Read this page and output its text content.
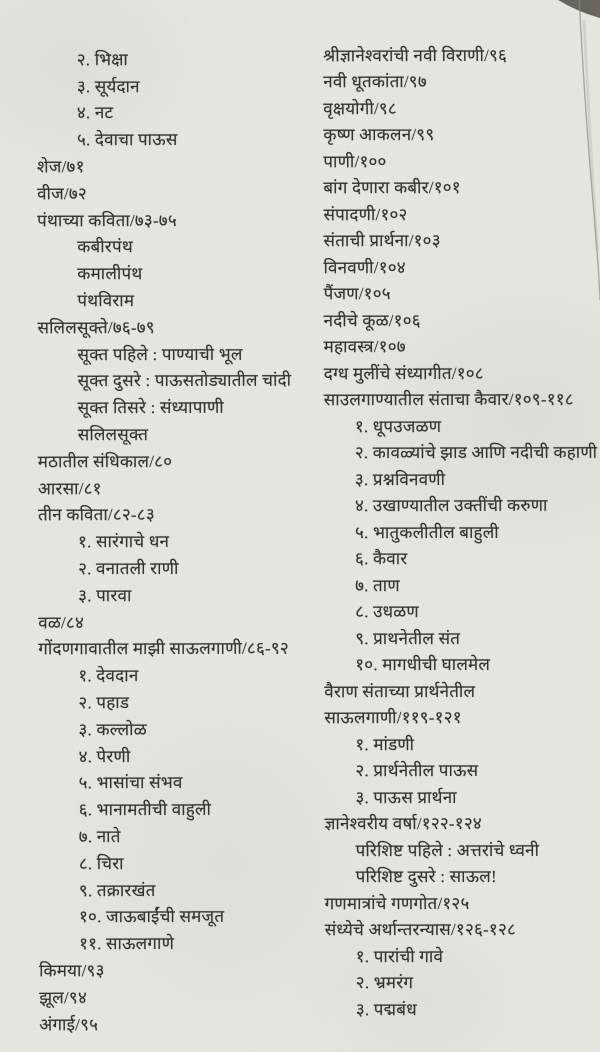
२. भिक्षा
३. सूर्यदान
४. नट
५. देवाचा पाऊस
शेज/७१
वीज/७२
पंथाच्या कविता/७३-७५
कबीरपंथ
कमालीपंथ
पंथविराम
सलिलसूक्ते/७६-७९
सूक्त पहिले : पाण्याची भूल
सूक्त दुसरे : पाऊसतोड्यातील चांदी
सूक्त तिसरे : संध्यापाणी
सलिलसूक्त
मठातील संधिकाल/८०
आरसा/८१
तीन कविता/८२-८३
१. सारंगाचे धन
२. वनातली राणी
३. पारवा
वळ/८४
गोंदणगावातील माझी साऊलगाणी/८६-९२
१. देवदान
२. पहाड
३. कल्लोळ
४. पेरणी
५. भासांचा संभव
६. भानामतीची वाहुली
७. नाते
८. चिरा
९. तक्रारखंत
१०. जाऊबाईंची समजूत
११. साऊलगाणे
किमया/९३
झूल/९४
अंगाई/९५
श्रीज्ञानेश्वरांची नवी विराणी/९६
नवी धूतकांता/९७
वृक्षयोगी/९८
कृष्ण आकलन/९९
पाणी/१००
बांग देणारा कबीर/१०१
संपादणी/१०२
संताची प्रार्थना/१०३
विनवणी/१०४
पैंजण/१०५
नदीचे कूळ/१०६
महावस्त्र/१०७
दग्ध मुलींचे संध्यागीत/१०८
साउलगाण्यातील संताचा कैवार/१०९-११८
१. धूपउजळण
२. कावळ्यांचे झाड आणि नदीची कहाणी
३. प्रश्नविनवणी
४. उखाण्यातील उक्तींची करुणा
५. भातुकलीतील बाहुली
६. कैवार
७. ताण
८. उधळण
९. प्राथनेतील संत
१०. मागधीची घालमेल
वैराण संताच्या प्रार्थनेतील
साऊलगाणी/११९-१२१
१. मांडणी
२. प्रार्थनेतील पाऊस
३. पाऊस प्रार्थना
ज्ञानेश्वरीय वर्षा/१२२-१२४
परिशिष्ट पहिले : अत्तरांचे ध्वनी
परिशिष्ट दुसरे : साऊल!
गणमात्रांचे गणगोत/१२५
संध्येचे अर्थान्तरन्यास/१२६-१२८
१. पारांची गावे
२. भ्रमरंग
३. पद्मबंध
